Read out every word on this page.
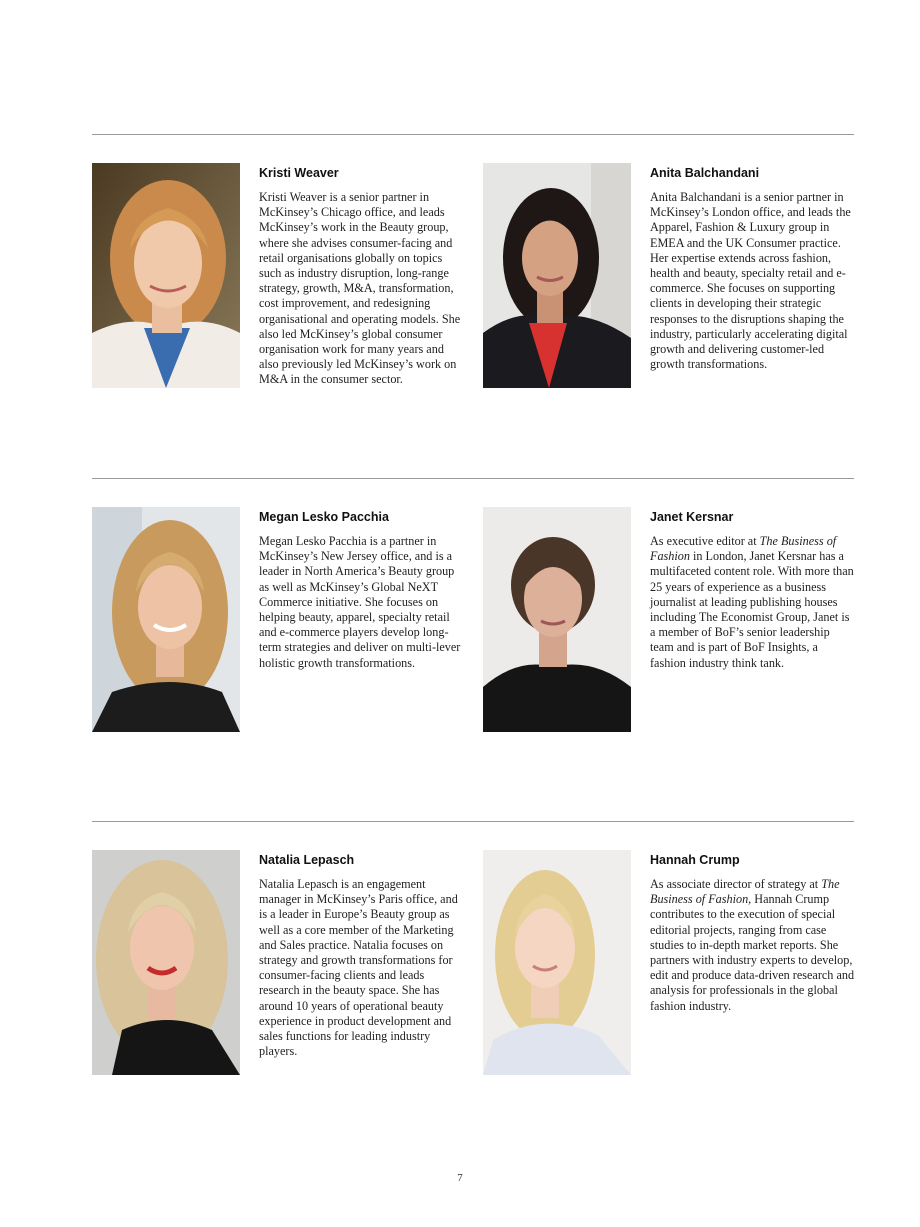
Kristi Weaver
Kristi Weaver is a senior partner in McKinsey’s Chicago office, and leads McKinsey’s work in the Beauty group, where she advises consumer-facing and retail organisations globally on topics such as industry disruption, long-range strategy, growth, M&A, transformation, cost improvement, and redesigning organisational and operating models. She also led McKinsey’s global consumer organisation work for many years and also previously led McKinsey’s work on M&A in the consumer sector.
Anita Balchandani
Anita Balchandani is a senior partner in McKinsey’s London office, and leads the Apparel, Fashion & Luxury group in EMEA and the UK Consumer practice. Her expertise extends across fashion, health and beauty, specialty retail and e-commerce. She focuses on supporting clients in developing their strategic responses to the disruptions shaping the industry, particularly accelerating digital growth and delivering customer-led growth transformations.
Megan Lesko Pacchia
Megan Lesko Pacchia is a partner in McKinsey’s New Jersey office, and is a leader in North America’s Beauty group as well as McKinsey’s Global NeXT Commerce initiative. She focuses on helping beauty, apparel, specialty retail and e-commerce players develop long-term strategies and deliver on multi-lever holistic growth transformations.
Janet Kersnar
As executive editor at The Business of Fashion in London, Janet Kersnar has a multifaceted content role. With more than 25 years of experience as a business journalist at leading publishing houses including The Economist Group, Janet is a member of BoF’s senior leadership team and is part of BoF Insights, a fashion industry think tank.
Natalia Lepasch
Natalia Lepasch is an engagement manager in McKinsey’s Paris office, and is a leader in Europe’s Beauty group as well as a core member of the Marketing and Sales practice. Natalia focuses on strategy and growth transformations for consumer-facing clients and leads research in the beauty space. She has around 10 years of operational beauty experience in product development and sales functions for leading industry players.
Hannah Crump
As associate director of strategy at The Business of Fashion, Hannah Crump contributes to the execution of special editorial projects, ranging from case studies to in-depth market reports. She partners with industry experts to develop, edit and produce data-driven research and analysis for professionals in the global fashion industry.
7
